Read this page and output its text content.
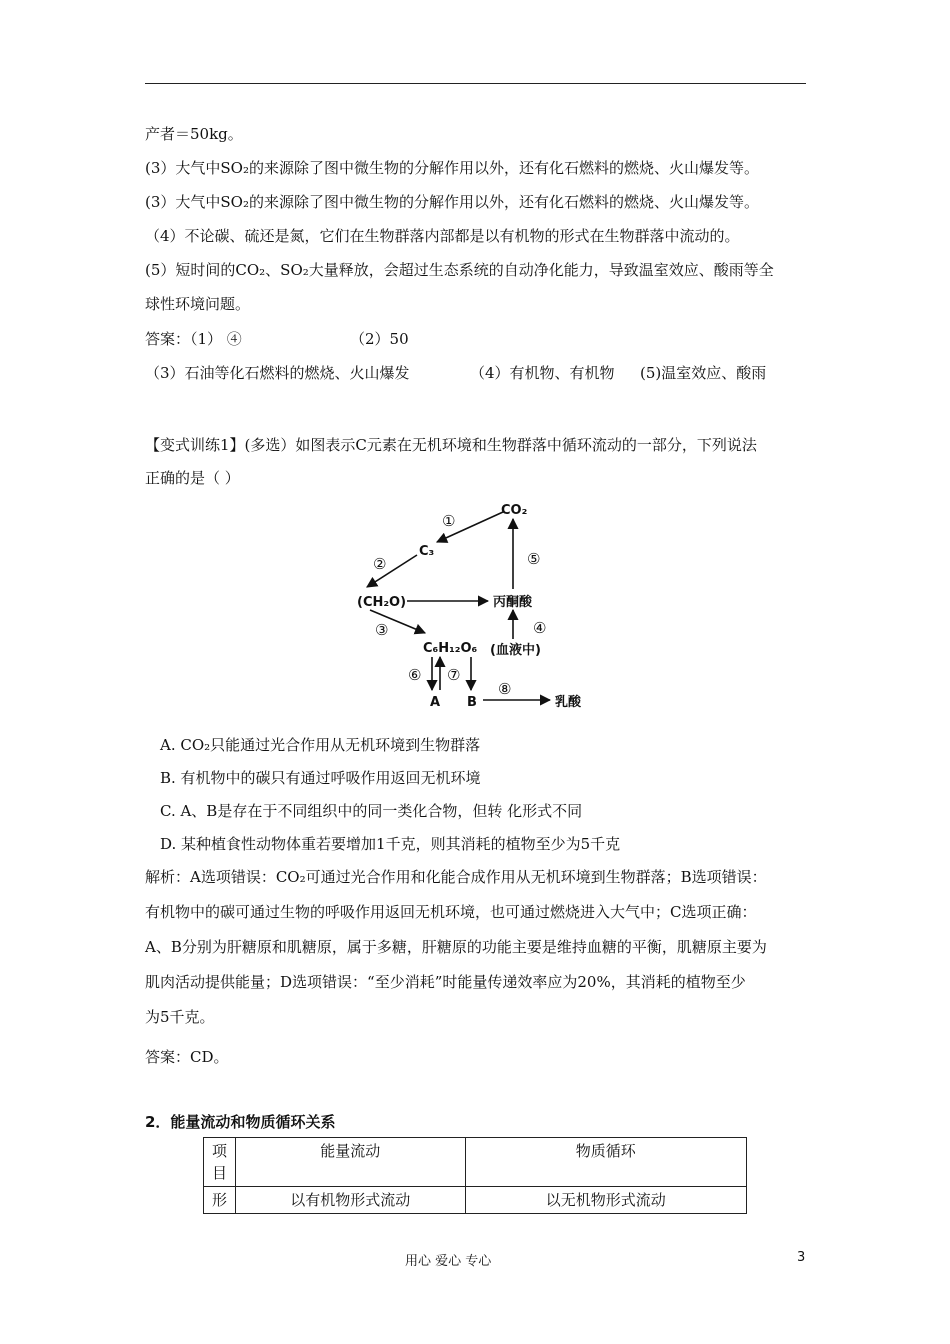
产者＝50kg。
(3）大气中SO₂的来源除了图中微生物的分解作用以外，还有化石燃料的燃烧、火山爆发等。
(3）大气中SO₂的来源除了图中微生物的分解作用以外，还有化石燃料的燃烧、火山爆发等。
（4）不论碳、硫还是氮，它们在生物群落内部都是以有机物的形式在生物群落中流动的。
(5）短时间的CO₂、SO₂大量释放，会超过生态系统的自动净化能力，导致温室效应、酸雨等全
球性环境问题。
答案：（1） ④	（2）50
（3）石油等化石燃料的燃烧、火山爆发	（4）有机物、有机物 (5)温室效应、酸雨
【变式训练1】(多选）如图表示C元素在无机环境和生物群落中循环流动的一部分，下列说法
正确的是（ ）
CO₂
C₃
(CH₂O)	丙酮酸
C₆H₁₂O₆ (血液中)
A B	乳酸
①
②
③	④
⑤
⑥ ⑦
⑧
A. CO₂只能通过光合作用从无机环境到生物群落
B. 有机物中的碳只有通过呼吸作用返回无机环境
C. A、B是存在于不同组织中的同一类化合物，但转 化形式不同
D. 某种植食性动物体重若要增加1千克，则其消耗的植物至少为5千克
解析：A选项错误：CO₂可通过光合作用和化能合成作用从无机环境到生物群落；B选项错误：
有机物中的碳可通过生物的呼吸作用返回无机环境，也可通过燃烧进入大气中；C选项正确：
A、B分别为肝糖原和肌糖原，属于多糖，肝糖原的功能主要是维持血糖的平衡，肌糖原主要为
肌肉活动提供能量；D选项错误：“至少消耗”时能量传递效率应为20%，其消耗的植物至少
为5千克。
答案：CD。
2．能量流动和物质循环关系
项目	能量流动	物质循环
形	以有机物形式流动	以无机物形式流动
用心 爱心 专心	3
